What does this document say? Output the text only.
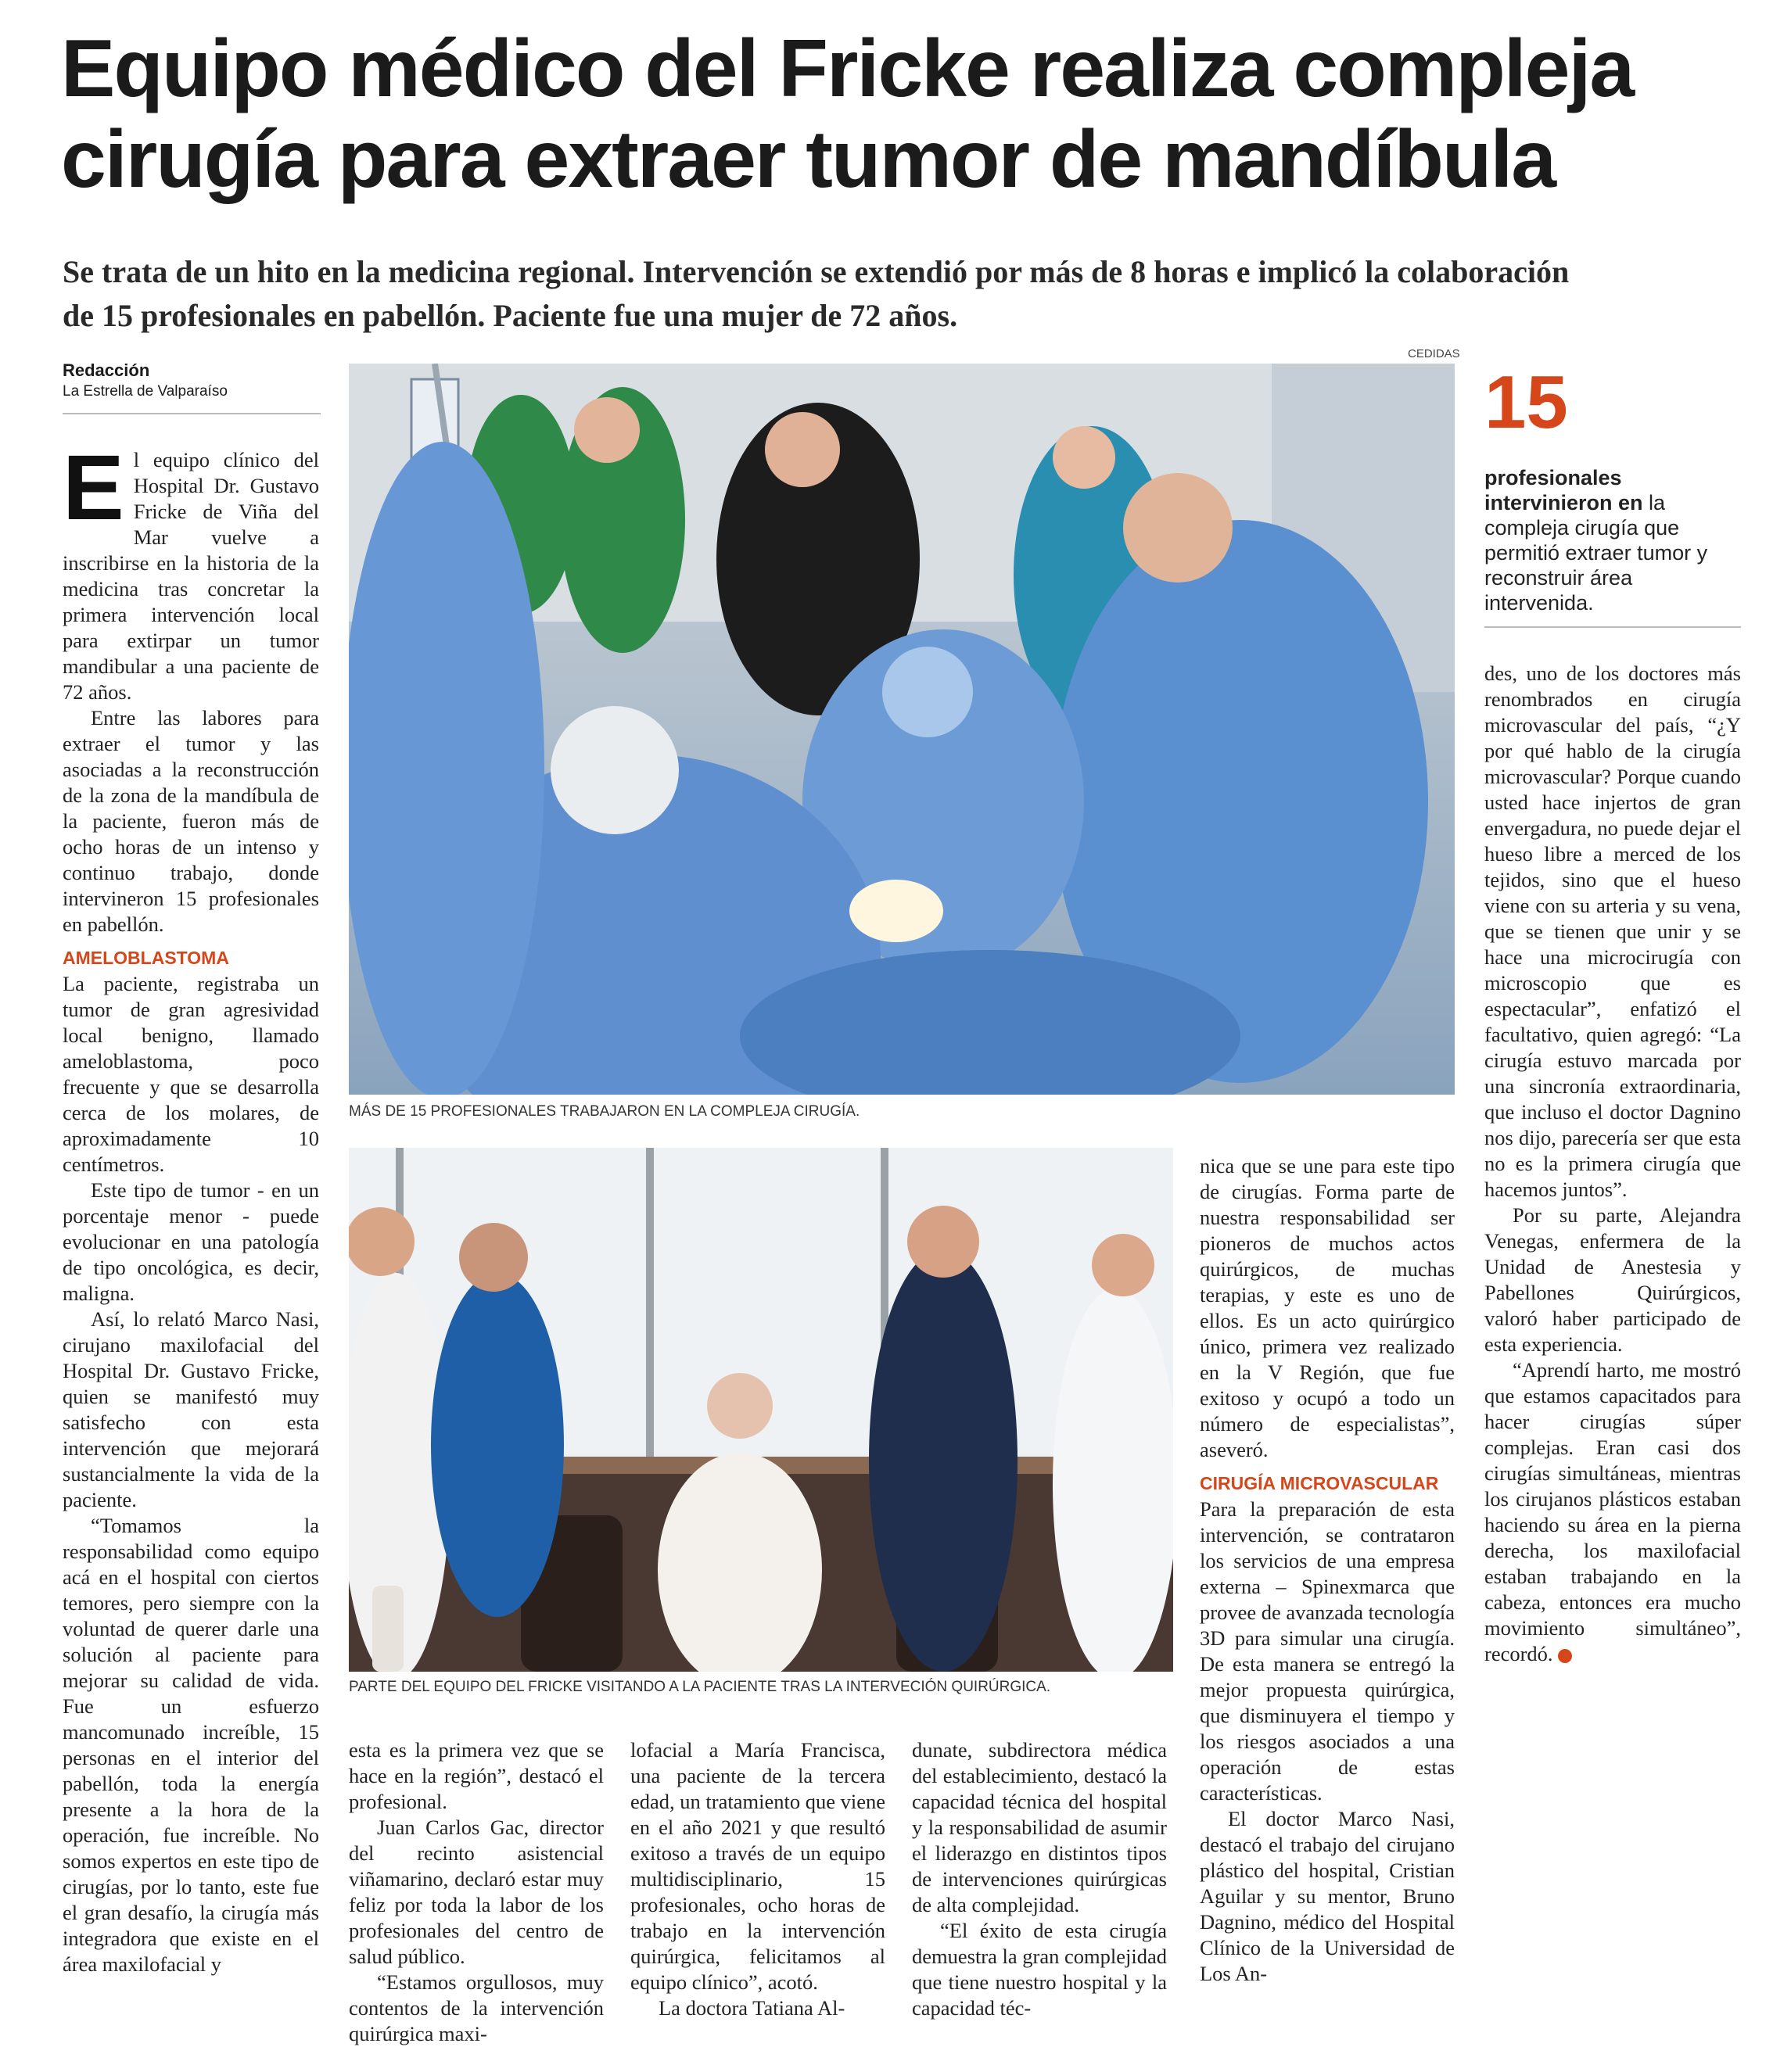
Equipo médico del Fricke realiza compleja
cirugía para extraer tumor de mandíbula

Se trata de un hito en la medicina regional. Intervención se extendió por más de 8 horas e implicó la colaboración
de 15 profesionales en pabellón. Paciente fue una mujer de 72 años.

Redacción
La Estrella de Valparaíso
CEDIDAS
MÁS DE 15 PROFESIONALES TRABAJARON EN LA COMPLEJA CIRUGÍA.
PARTE DEL EQUIPO DEL FRICKE VISITANDO A LA PACIENTE TRAS LA INTERVECIÓN QUIRÚRGICA.
15
profesionales intervinieron en la compleja cirugía que permitió extraer tumor y reconstruir área intervenida.

El equipo clínico del Hospital Dr. Gustavo Fricke de Viña del Mar vuelve a inscribirse en la historia de la medicina tras concretar la primera intervención local para extirpar un tumor mandibular a una paciente de 72 años.

Entre las labores para extraer el tumor y las asociadas a la reconstrucción de la zona de la mandíbula de la paciente, fueron más de ocho horas de un intenso y continuo trabajo, donde intervineron 15 profesionales en pabellón.

AMELOBLASTOMA

La paciente, registraba un tumor de gran agresividad local benigno, llamado ameloblastoma, poco frecuente y que se desarrolla cerca de los molares, de aproximadamente 10 centímetros.

Este tipo de tumor - en un porcentaje menor - puede evolucionar en una patología de tipo oncológica, es decir, maligna.

Así, lo relató Marco Nasi, cirujano maxilofacial del Hospital Dr. Gustavo Fricke, quien se manifestó muy satisfecho con esta intervención que mejorará sustancialmente la vida de la paciente.

“Tomamos la responsabilidad como equipo acá en el hospital con ciertos temores, pero siempre con la voluntad de querer darle una solución al paciente para mejorar su calidad de vida. Fue un esfuerzo mancomunado increíble, 15 personas en el interior del pabellón, toda la energía presente a la hora de la operación, fue increíble. No somos expertos en este tipo de cirugías, por lo tanto, este fue el gran desafío, la cirugía más integradora que existe en el área maxilofacial y

esta es la primera vez que se hace en la región”, destacó el profesional.

Juan Carlos Gac, director del recinto asistencial viñamarino, declaró estar muy feliz por toda la labor de los profesionales del centro de salud público.

“Estamos orgullosos, muy contentos de la intervención quirúrgica maxi-

lofacial a María Francisca, una paciente de la tercera edad, un tratamiento que viene en el año 2021 y que resultó exitoso a través de un equipo multidisciplinario, 15 profesionales, ocho horas de trabajo en la intervención quirúrgica, felicitamos al equipo clínico”, acotó.

La doctora Tatiana Al-

dunate, subdirectora médica del establecimiento, destacó la capacidad técnica del hospital y la responsabilidad de asumir el liderazgo en distintos tipos de intervenciones quirúrgicas de alta complejidad.

“El éxito de esta cirugía demuestra la gran complejidad que tiene nuestro hospital y la capacidad téc-

nica que se une para este tipo de cirugías. Forma parte de nuestra responsabilidad ser pioneros de muchos actos quirúrgicos, de muchas terapias, y este es uno de ellos. Es un acto quirúrgico único, primera vez realizado en la V Región, que fue exitoso y ocupó a todo un número de especialistas”, aseveró.

CIRUGÍA MICROVASCULAR

Para la preparación de esta intervención, se contrataron los servicios de una empresa externa – Spinexmarca que provee de avanzada tecnología 3D para simular una cirugía. De esta manera se entregó la mejor propuesta quirúrgica, que disminuyera el tiempo y los riesgos asociados a una operación de estas características.

El doctor Marco Nasi, destacó el trabajo del cirujano plástico del hospital, Cristian Aguilar y su mentor, Bruno Dagnino, médico del Hospital Clínico de la Universidad de Los An-

des, uno de los doctores más renombrados en cirugía microvascular del país, “¿Y por qué hablo de la cirugía microvascular? Porque cuando usted hace injertos de gran envergadura, no puede dejar el hueso libre a merced de los tejidos, sino que el hueso viene con su arteria y su vena, que se tienen que unir y se hace una microcirugía con microscopio que es espectacular”, enfatizó el facultativo, quien agregó: “La cirugía estuvo marcada por una sincronía extraordinaria, que incluso el doctor Dagnino nos dijo, parecería ser que esta no es la primera cirugía que hacemos juntos”.

Por su parte, Alejandra Venegas, enfermera de la Unidad de Anestesia y Pabellones Quirúrgicos, valoró haber participado de esta experiencia.

“Aprendí harto, me mostró que estamos capacitados para hacer cirugías súper complejas. Eran casi dos cirugías simultáneas, mientras los cirujanos plásticos estaban haciendo su área en la pierna derecha, los maxilofacial estaban trabajando en la cabeza, entonces era mucho movimiento simultáneo”, recordó.	✪
